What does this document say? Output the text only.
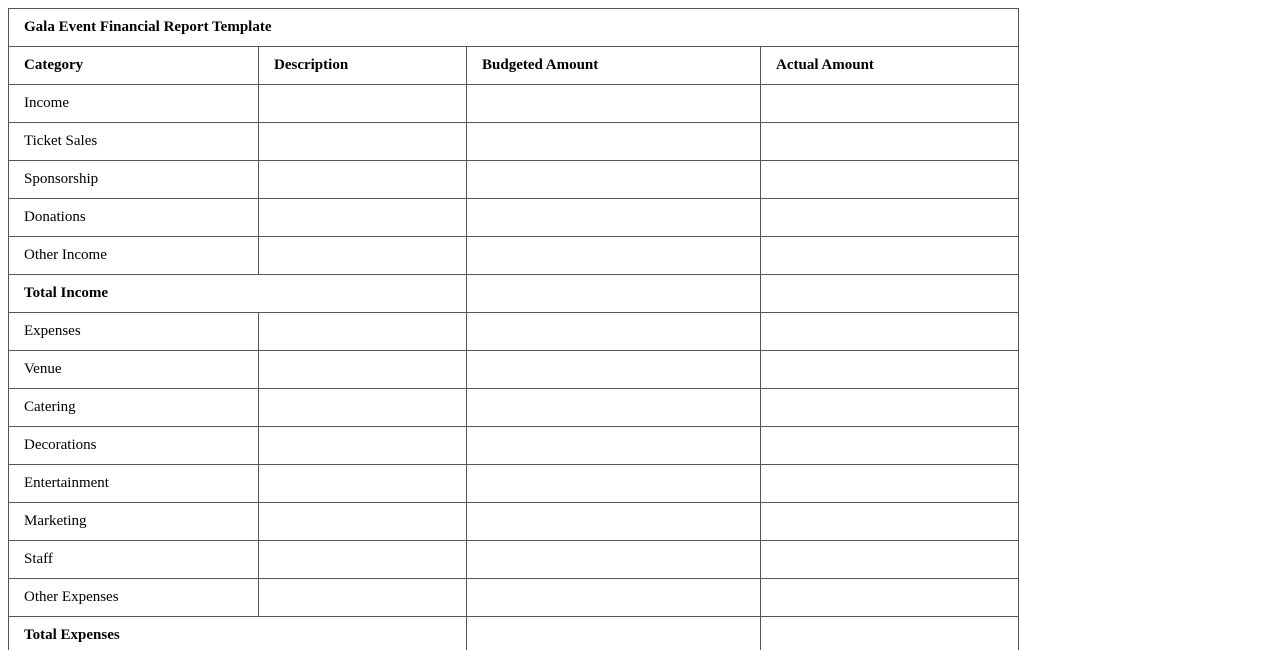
Gala Event Financial Report Template			
Category	Description	Budgeted Amount	Actual Amount
Income			
Ticket Sales			
Sponsorship			
Donations			
Other Income			
Total Income			
Expenses			
Venue			
Catering			
Decorations			
Entertainment			
Marketing			
Staff			
Other Expenses			
Total Expenses			
